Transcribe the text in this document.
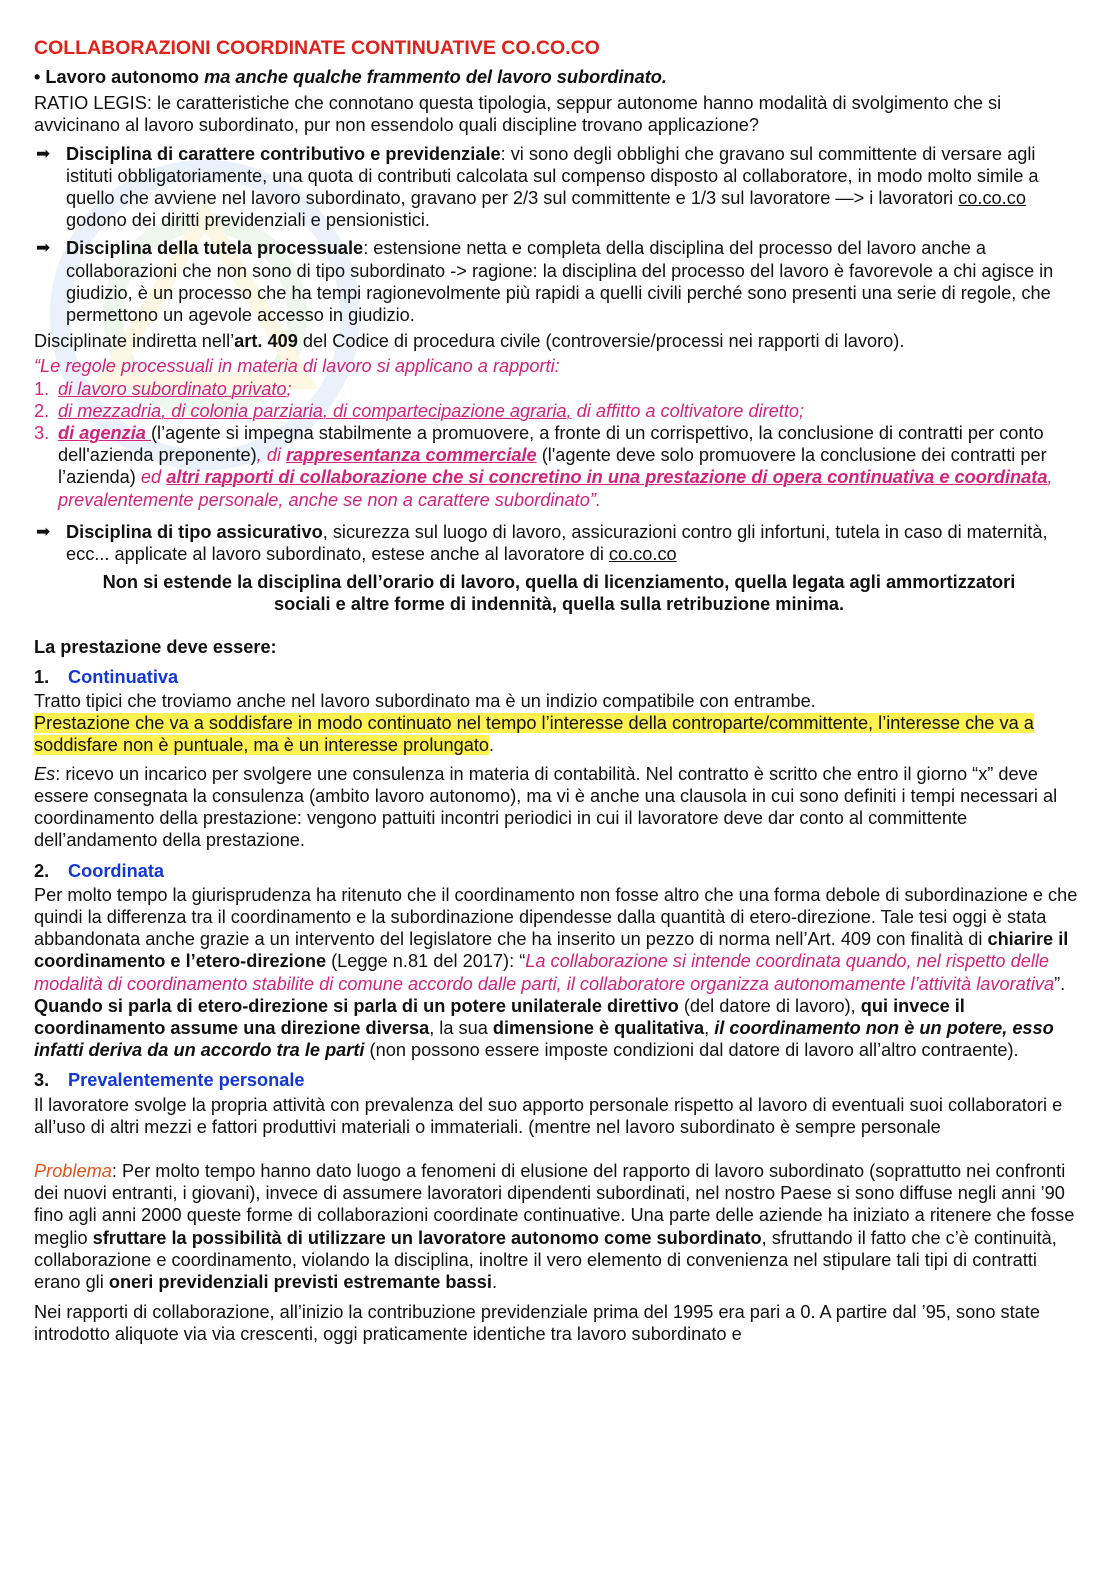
COLLABORAZIONI COORDINATE CONTINUATIVE CO.CO.CO

• Lavoro autonomo ma anche qualche frammento del lavoro subordinato.

RATIO LEGIS: le caratteristiche che connotano questa tipologia, seppur autonome hanno modalità di svolgimento che si avvicinano al lavoro subordinato, pur non essendolo quali discipline trovano applicazione?

➡ Disciplina di carattere contributivo e previdenziale: vi sono degli obblighi che gravano sul committente di versare agli istituti obbligatoriamente, una quota di contributi calcolata sul compenso disposto al collaboratore, in modo molto simile a quello che avviene nel lavoro subordinato, gravano per 2/3 sul committente e 1/3 sul lavoratore —> i lavoratori co.co.co godono dei diritti previdenziali e pensionistici.
➡ Disciplina della tutela processuale: estensione netta e completa della disciplina del processo del lavoro anche a collaborazioni che non sono di tipo subordinato -> ragione: la disciplina del processo del lavoro è favorevole a chi agisce in giudizio, è un processo che ha tempi ragionevolmente più rapidi a quelli civili perché sono presenti una serie di regole, che permettono un agevole accesso in giudizio.

Disciplinate indiretta nell’art. 409 del Codice di procedura civile (controversie/processi nei rapporti di lavoro).

“Le regole processuali in materia di lavoro si applicano a rapporti:

1. di lavoro subordinato privato;
2. di mezzadria, di colonia parziaria, di compartecipazione agraria, di affitto a coltivatore diretto;
3. di agenzia (l’agente si impegna stabilmente a promuovere, a fronte di un corrispettivo, la conclusione di contratti per conto dell'azienda preponente), di rappresentanza commerciale (l'agente deve solo promuovere la conclusione dei contratti per l’azienda) ed altri rapporti di collaborazione che si concretino in una prestazione di opera continuativa e coordinata, prevalentemente personale, anche se non a carattere subordinato”.
➡ Disciplina di tipo assicurativo, sicurezza sul luogo di lavoro, assicurazioni contro gli infortuni, tutela in caso di maternità, ecc... applicate al lavoro subordinato, estese anche al lavoratore di co.co.co

Non si estende la disciplina dell’orario di lavoro, quella di licenziamento, quella legata agli ammortizzatori sociali e altre forme di indennità, quella sulla retribuzione minima.

La prestazione deve essere:

1. Continuativa

Tratto tipici che troviamo anche nel lavoro subordinato ma è un indizio compatibile con entrambe.

Prestazione che va a soddisfare in modo continuato nel tempo l’interesse della controparte/committente, l’interesse che va a soddisfare non è puntuale, ma è un interesse prolungato.

Es: ricevo un incarico per svolgere une consulenza in materia di contabilità. Nel contratto è scritto che entro il giorno “x” deve essere consegnata la consulenza (ambito lavoro autonomo), ma vi è anche una clausola in cui sono definiti i tempi necessari al coordinamento della prestazione: vengono pattuiti incontri periodici in cui il lavoratore deve dar conto al committente dell’andamento della prestazione.

2. Coordinata

Per molto tempo la giurisprudenza ha ritenuto che il coordinamento non fosse altro che una forma debole di subordinazione e che quindi la differenza tra il coordinamento e la subordinazione dipendesse dalla quantità di etero-direzione. Tale tesi oggi è stata abbandonata anche grazie a un intervento del legislatore che ha inserito un pezzo di norma nell’Art. 409 con finalità di chiarire il coordinamento e l’etero-direzione (Legge n.81 del 2017): “La collaborazione si intende coordinata quando, nel rispetto delle modalità di coordinamento stabilite di comune accordo dalle parti, il collaboratore organizza autonomamente l’attività lavorativa”.
Quando si parla di etero-direzione si parla di un potere unilaterale direttivo (del datore di lavoro), qui invece il coordinamento assume una direzione diversa, la sua dimensione è qualitativa, il coordinamento non è un potere, esso infatti deriva da un accordo tra le parti (non possono essere imposte condizioni dal datore di lavoro all’altro contraente).

3. Prevalentemente personale

Il lavoratore svolge la propria attività con prevalenza del suo apporto personale rispetto al lavoro di eventuali suoi collaboratori e all’uso di altri mezzi e fattori produttivi materiali o immateriali. (mentre nel lavoro subordinato è sempre personale

Problema: Per molto tempo hanno dato luogo a fenomeni di elusione del rapporto di lavoro subordinato (soprattutto nei confronti dei nuovi entranti, i giovani), invece di assumere lavoratori dipendenti subordinati, nel nostro Paese si sono diffuse negli anni ’90 fino agli anni 2000 queste forme di collaborazioni coordinate continuative. Una parte delle aziende ha iniziato a ritenere che fosse meglio sfruttare la possibilità di utilizzare un lavoratore autonomo come subordinato, sfruttando il fatto che c’è continuità, collaborazione e coordinamento, violando la disciplina, inoltre il vero elemento di convenienza nel stipulare tali tipi di contratti erano gli oneri previdenziali previsti estremante bassi.

Nei rapporti di collaborazione, all’inizio la contribuzione previdenziale prima del 1995 era pari a 0. A partire dal ’95, sono state introdotto aliquote via via crescenti, oggi praticamente identiche tra lavoro subordinato e
